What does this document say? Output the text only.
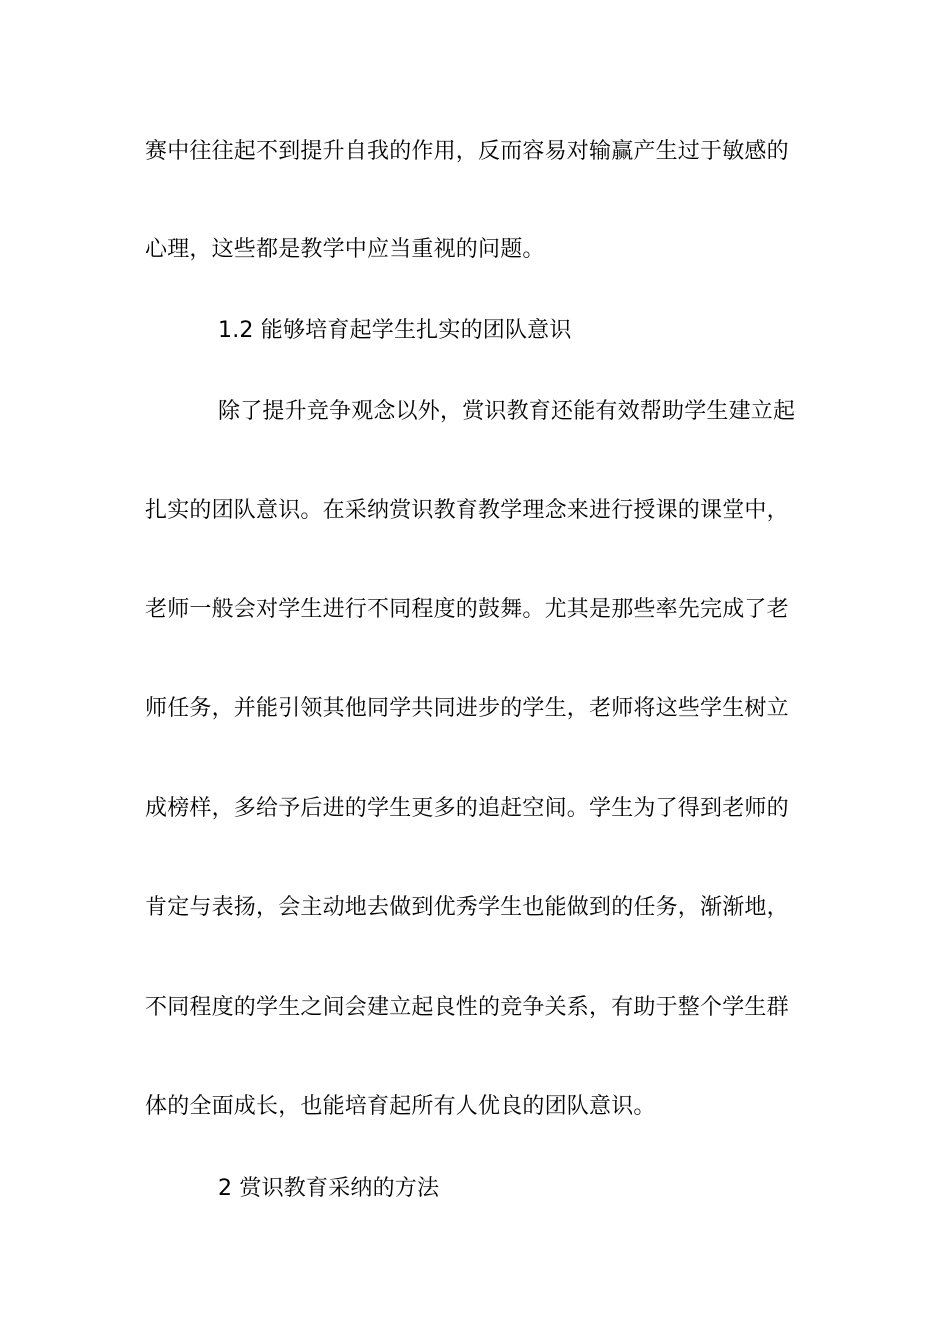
赛中往往起不到提升自我的作用，反而容易对输赢产生过于敏感的
心理，这些都是教学中应当重视的问题。
1.2 能够培育起学生扎实的团队意识
除了提升竞争观念以外，赏识教育还能有效帮助学生建立起
扎实的团队意识。在采纳赏识教育教学理念来进行授课的课堂中，
老师一般会对学生进行不同程度的鼓舞。尤其是那些率先完成了老
师任务，并能引领其他同学共同进步的学生，老师将这些学生树立
成榜样，多给予后进的学生更多的追赶空间。学生为了得到老师的
肯定与表扬，会主动地去做到优秀学生也能做到的任务，渐渐地，
不同程度的学生之间会建立起良性的竞争关系，有助于整个学生群
体的全面成长，也能培育起所有人优良的团队意识。
2 赏识教育采纳的方法
